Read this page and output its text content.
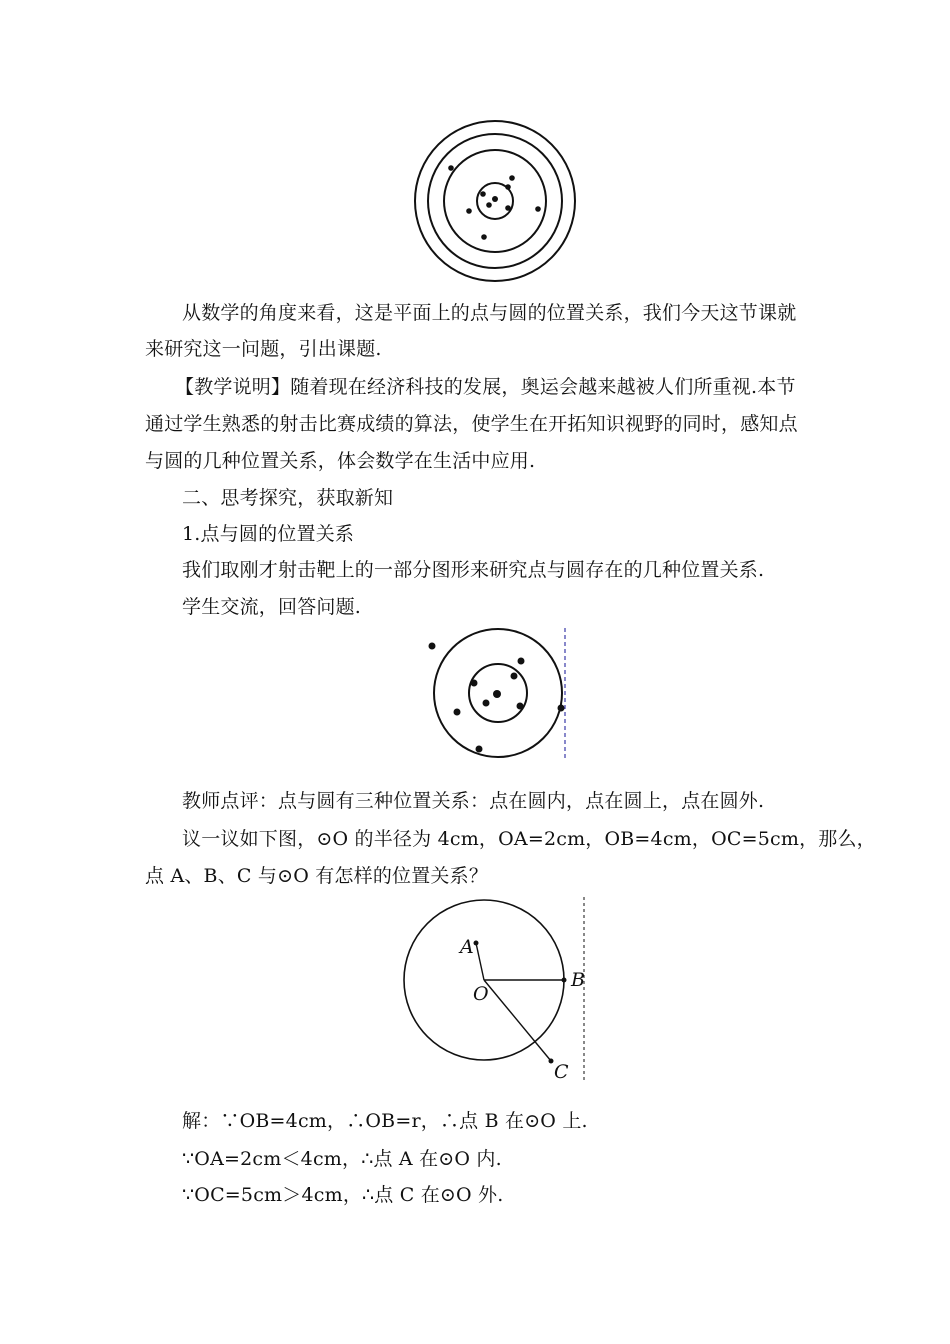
从数学的角度来看，这是平面上的点与圆的位置关系，我们今天这节课就
来研究这一问题，引出课题.
【教学说明】随着现在经济科技的发展，奥运会越来越被人们所重视.本节
通过学生熟悉的射击比赛成绩的算法，使学生在开拓知识视野的同时，感知点
与圆的几种位置关系，体会数学在生活中应用.
二、思考探究，获取新知
1.点与圆的位置关系
我们取刚才射击靶上的一部分图形来研究点与圆存在的几种位置关系.
学生交流，回答问题.
教师点评：点与圆有三种位置关系：点在圆内，点在圆上，点在圆外.
议一议如下图，⊙O 的半径为 4cm，OA=2cm，OB=4cm，OC=5cm，那么，
点 A、B、C 与⊙O 有怎样的位置关系？
A
B
O
C
解：∵OB=4cm，∴OB=r，∴点 B 在⊙O 上.
∵OA=2cm＜4cm，∴点 A 在⊙O 内.
∵OC=5cm＞4cm，∴点 C 在⊙O 外.
